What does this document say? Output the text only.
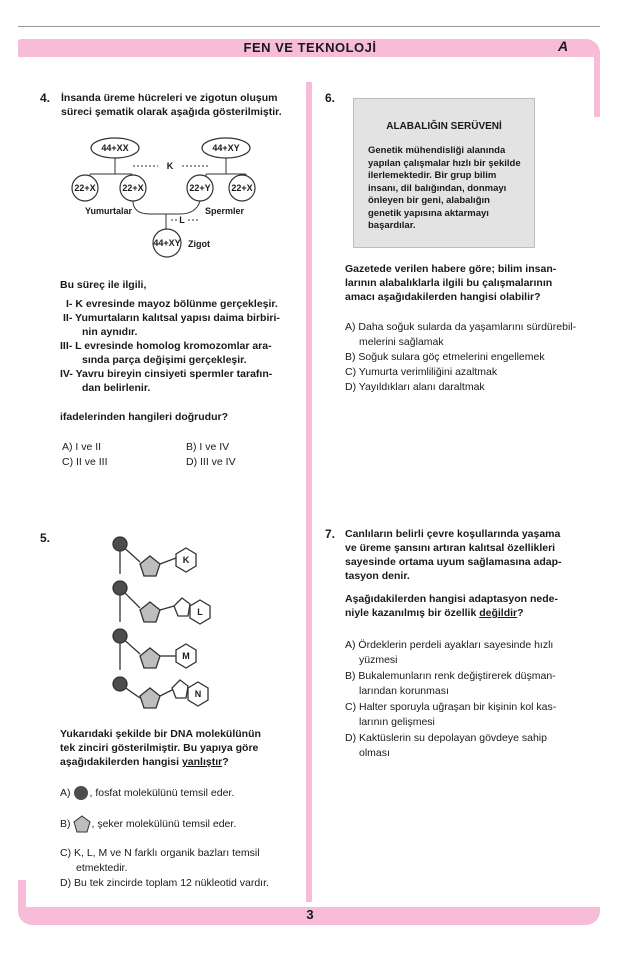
FEN VE TEKNOLOJİ	A
3
4. İnsanda üreme hücreleri ve zigotun oluşum
süreci şematik olarak aşağıda gösterilmiştir.
44+XX	44+XY
K
22+X	22+X	22+Y 22+X
Yumurtalar	Spermler
L
44+XY Zigot
Bu süreç ile ilgili,
I- K evresinde mayoz bölünme gerçekleşir.
II- Yumurtaların kalıtsal yapısı daima birbiri-
nin aynıdır.
III- L evresinde homolog kromozomlar ara-
sında parça değişimi gerçekleşir.
IV- Yavru bireyin cinsiyeti spermler tarafın-
dan belirlenir.
ifadelerinden hangileri doğrudur?
A) I ve II	B) I ve IV
C) II ve III	D) III ve IV
5.
K
L
M
N
Yukarıdaki şekilde bir DNA molekülünün
tek zinciri gösterilmiştir. Bu yapıya göre
aşağıdakilerden hangisi yanlıştır?
A) , fosfat molekülünü temsil eder.
B) , şeker molekülünü temsil eder.
C) K, L, M ve N farklı organik bazları temsil
etmektedir.
D) Bu tek zincirde toplam 12 nükleotid vardır.
6.
ALABALIĞIN SERÜVENİ
Genetik mühendisliği alanında
yapılan çalışmalar hızlı bir şekilde
ilerlemektedir. Bir grup bilim
insanı, dil balığından, donmayı
önleyen bir geni, alabalığın
genetik yapısına aktarmayı
başardılar.
Gazetede verilen habere göre; bilim insan-
larının alabalıklarla ilgili bu çalışmalarının
amacı aşağıdakilerden hangisi olabilir?
A) Daha soğuk sularda da yaşamlarını sürdürebil-
melerini sağlamak
B) Soğuk sulara göç etmelerini engellemek
C) Yumurta verimliliğini azaltmak
D) Yayıldıkları alanı daraltmak
7. Canlıların belirli çevre koşullarında yaşama
ve üreme şansını artıran kalıtsal özellikleri
sayesinde ortama uyum sağlamasına adap-
tasyon denir.
Aşağıdakilerden hangisi adaptasyon nede-
niyle kazanılmış bir özellik değildir?
A) Ördeklerin perdeli ayakları sayesinde hızlı
yüzmesi
B) Bukalemunların renk değiştirerek düşman-
larından korunması
C) Halter sporuyla uğraşan bir kişinin kol kas-
larının gelişmesi
D) Kaktüslerin su depolayan gövdeye sahip
olması
